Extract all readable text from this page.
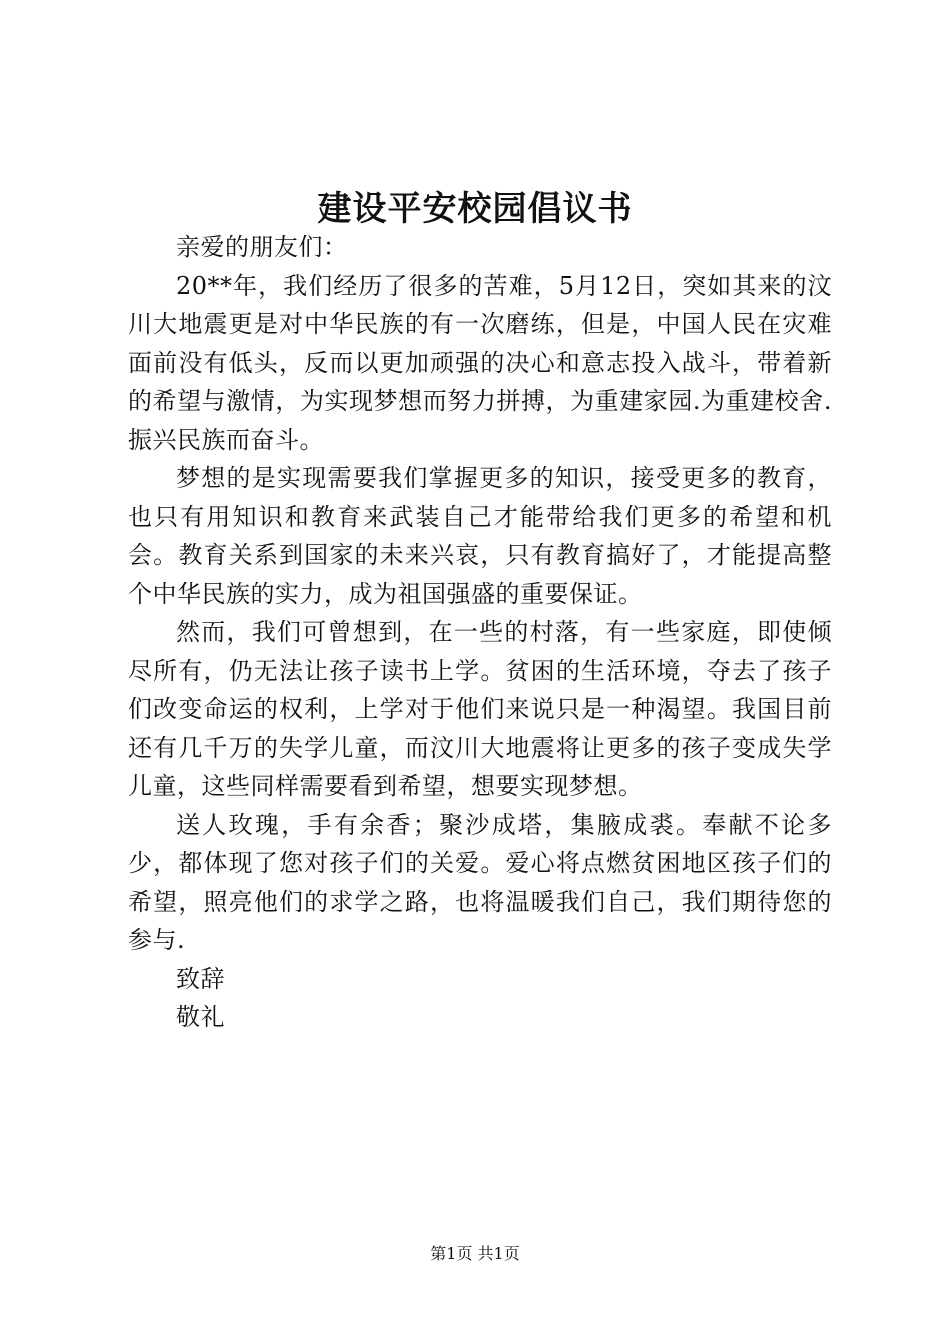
建设平安校园倡议书

亲爱的朋友们：

20**年，我们经历了很多的苦难，5月12日，突如其来的汶川大地震更是对中华民族的有一次磨练，但是，中国人民在灾难面前没有低头，反而以更加顽强的决心和意志投入战斗，带着新的希望与激情，为实现梦想而努力拼搏，为重建家园.为重建校舍.振兴民族而奋斗。

梦想的是实现需要我们掌握更多的知识，接受更多的教育，也只有用知识和教育来武装自己才能带给我们更多的希望和机会。教育关系到国家的未来兴哀，只有教育搞好了，才能提高整个中华民族的实力，成为祖国强盛的重要保证。

然而，我们可曾想到，在一些的村落，有一些家庭，即使倾尽所有，仍无法让孩子读书上学。贫困的生活环境，夺去了孩子们改变命运的权利，上学对于他们来说只是一种渴望。我国目前还有几千万的失学儿童，而汶川大地震将让更多的孩子变成失学儿童，这些同样需要看到希望，想要实现梦想。

送人玫瑰，手有余香；聚沙成塔，集腋成裘。奉献不论多少，都体现了您对孩子们的关爱。爱心将点燃贫困地区孩子们的希望，照亮他们的求学之路，也将温暖我们自己，我们期待您的参与.

致辞

敬礼

第1页 共1页
